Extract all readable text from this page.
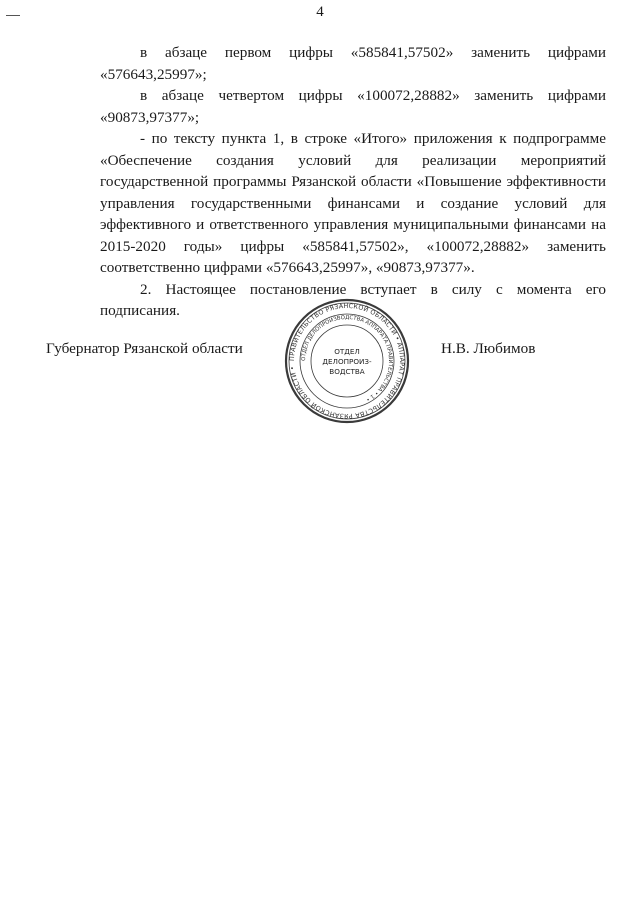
4

в абзаце первом цифры «585841,57502» заменить цифрами «576643,25997»;

в абзаце четвертом цифры «100072,28882» заменить цифрами «90873,97377»;

- по тексту пункта 1, в строке «Итого» приложения к подпрограмме «Обеспечение создания условий для реализации мероприятий государственной программы Рязанской области «Повышение эффективности управления государственными финансами и создание условий для эффективного и ответственного управления муниципальными финансами на 2015-2020 годы» цифры «585841,57502», «100072,28882» заменить соответственно цифрами «576643,25997», «90873,97377».

2. Настоящее постановление вступает в силу с момента его подписания.

Губернатор Рязанской области	Н.В. Любимов
ПРАВИТЕЛЬСТВО РЯЗАНСКОЙ ОБЛАСТИ • АППАРАТ ПРАВИТЕЛЬСТВА РЯЗАНСКОЙ ОБЛАСТИ •
ОТДЕЛ ДЕЛОПРОИЗВОДСТВА АППАРАТА ПРАВИТЕЛЬСТВА • 1 •
ОТДЕЛ
ДЕЛОПРОИЗ-
ВОДСТВА
